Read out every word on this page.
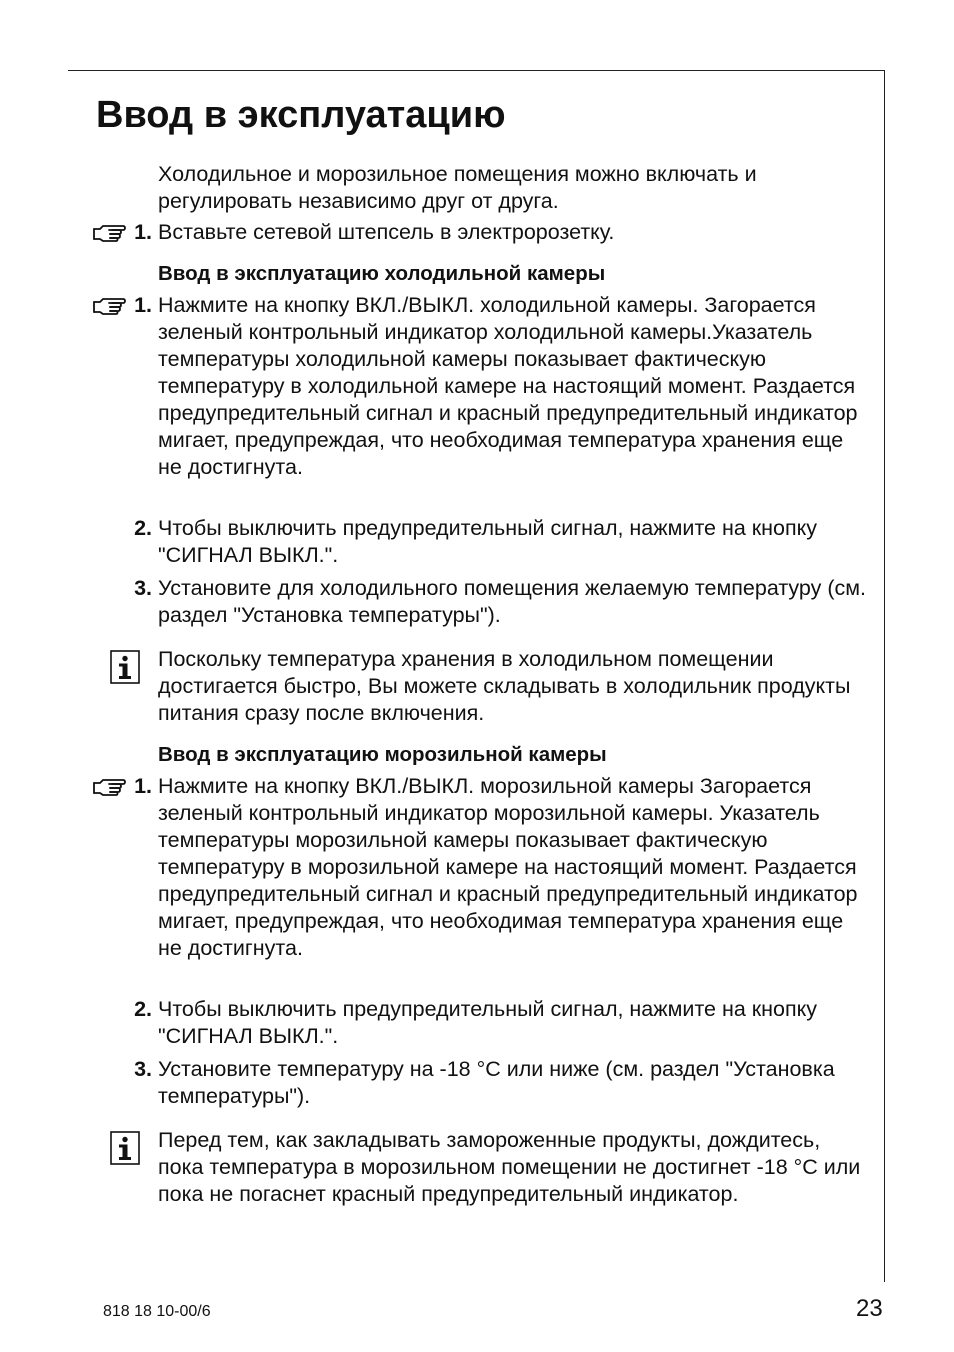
Ввод в эксплуатацию

Холодильное и морозильное помещения можно включать и регулировать независимо друг от друга.

1. Вставьте сетевой штепсель в электророзетку.

Ввод в эксплуатацию холодильной камеры

1. Нажмите на кнопку ВКЛ./ВЫКЛ. холодильной камеры. Загорается зеленый контрольный индикатор холодильной камеры.Указатель температуры холодильной камеры показывает фактическую температуру в холодильной камере на настоящий момент. Раздается предупредительный сигнал и красный предупредительный индикатор мигает, предупреждая, что необходимая температура хранения еще не достигнута.

2. Чтобы выключить предупредительный сигнал, нажмите на кнопку "СИГНАЛ ВЫКЛ.".

3. Установите для холодильного помещения желаемую температуру (см. раздел "Установка температуры").

Поскольку температура хранения в холодильном помещении достигается быстро, Вы можете складывать в холодильник продукты питания сразу после включения.

Ввод в эксплуатацию морозильной камеры

1. Нажмите на кнопку ВКЛ./ВЫКЛ. морозильной камеры Загорается зеленый контрольный индикатор морозильной камеры. Указатель температуры морозильной камеры показывает фактическую температуру в морозильной камере на настоящий момент. Раздается предупредительный сигнал и красный предупредительный индикатор мигает, предупреждая, что необходимая температура хранения еще не достигнута.

2. Чтобы выключить предупредительный сигнал, нажмите на кнопку "СИГНАЛ ВЫКЛ.".

3. Установите температуру на -18 °C или ниже (см. раздел "Установка температуры").

Перед тем, как закладывать замороженные продукты, дождитесь, пока температура в морозильном помещении не достигнет -18 °C или пока не погаснет красный предупредительный индикатор.

818 18 10-00/6	23
